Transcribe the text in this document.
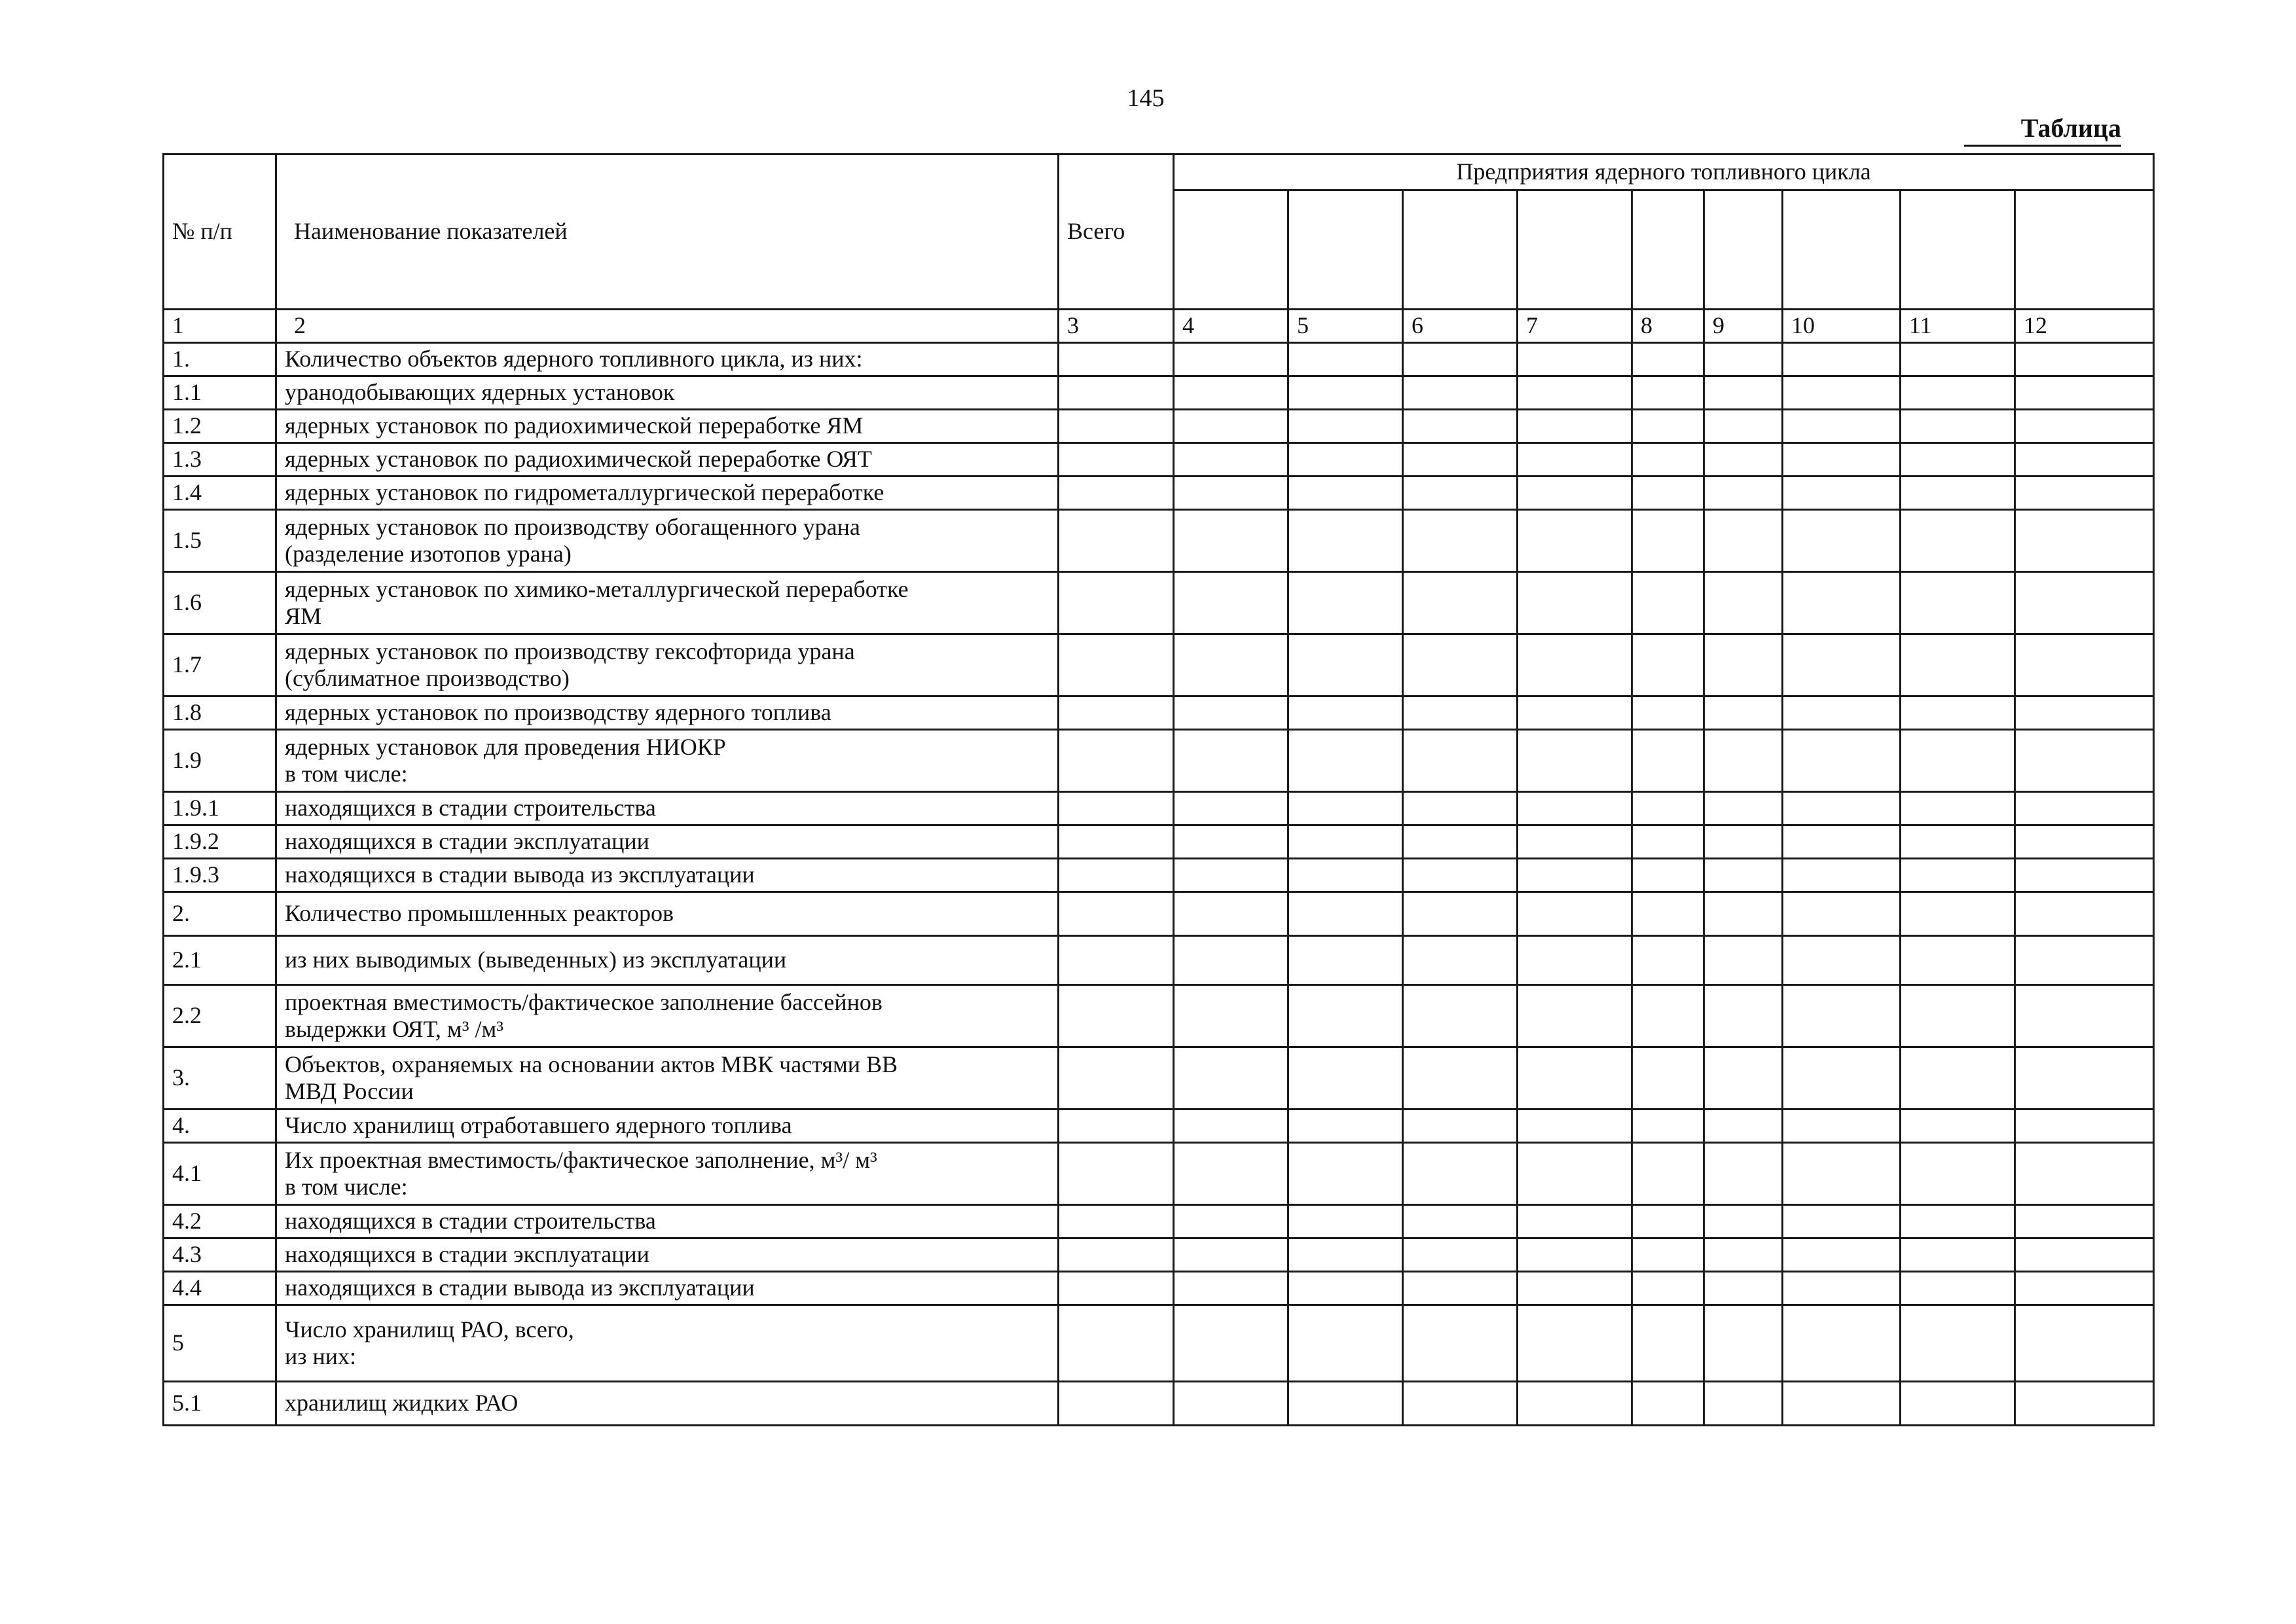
145
Таблица
№ п/п	Наименование показателей	Всего	Предприятия ядерного топливного цикла								

1	2	3	4	5	6	7	8	9	10	11	12
1.	Количество объектов ядерного топливного цикла, из них:										
1.1	уранодобывающих ядерных установок										
1.2	ядерных установок по радиохимической переработке ЯМ										
1.3	ядерных установок по радиохимической переработке ОЯТ										
1.4	ядерных установок по гидрометаллургической переработке										
1.5	ядерных установок по производству обогащенного урана
(разделение изотопов урана)										
1.6	ядерных установок по химико-металлургической переработке
ЯМ										
1.7	ядерных установок по производству гексофторида урана
(сублиматное производство)										
1.8	ядерных установок по производству ядерного топлива										
1.9	ядерных установок для проведения НИОКР
в том числе:										
1.9.1	находящихся в стадии строительства										
1.9.2	находящихся в стадии эксплуатации										
1.9.3	находящихся в стадии вывода из эксплуатации										
2.	Количество промышленных реакторов										
2.1	из них выводимых (выведенных) из эксплуатации										
2.2	проектная вместимость/фактическое заполнение бассейнов
выдержки ОЯТ, м³ /м³										
3.	Объектов, охраняемых на основании актов МВК частями ВВ
МВД России										
4.	Число хранилищ отработавшего ядерного топлива										
4.1	Их проектная вместимость/фактическое заполнение, м³/ м³
в том числе:										
4.2	находящихся в стадии строительства										
4.3	находящихся в стадии эксплуатации										
4.4	находящихся в стадии вывода из эксплуатации										
5	Число хранилищ РАО, всего,
из них:										
5.1	хранилищ жидких РАО										
